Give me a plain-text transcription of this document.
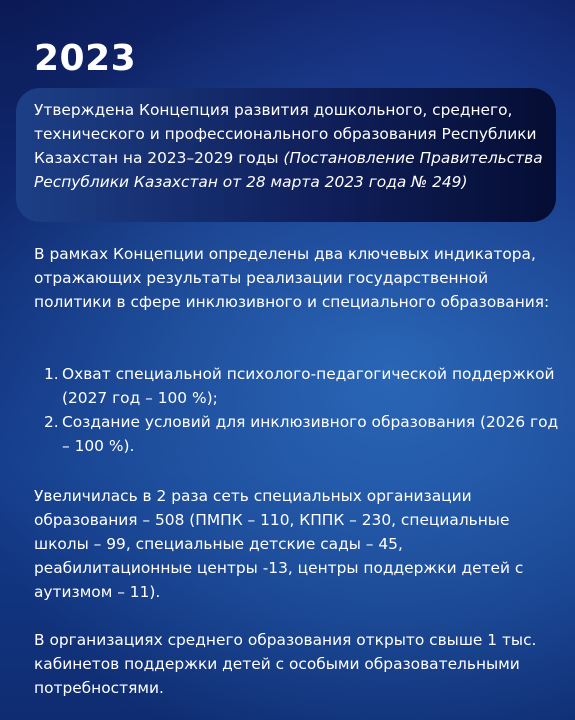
2023
Утверждена Концепция развития дошкольного, среднего, технического и профессионального образования Республики Казахстан на 2023–2029 годы (Постановление Правительства Республики Казахстан от 28 марта 2023 года № 249)

В рамках Концепции определены два ключевых индикатора, отражающих результаты реализации государственной политики в сфере инклюзивного и специального образования:

1. Охват специальной психолого-педагогической поддержкой (2027 год – 100 %);
2. Создание условий для инклюзивного образования (2026 год – 100 %).

Увеличилась в 2 раза сеть специальных организации образования – 508 (ПМПК – 110, КППК – 230, специальные школы – 99, специальные детские сады – 45, реабилитационные центры -13, центры поддержки детей с аутизмом – 11).

В организациях среднего образования открыто свыше 1 тыс. кабинетов поддержки детей с особыми образовательными потребностями.
